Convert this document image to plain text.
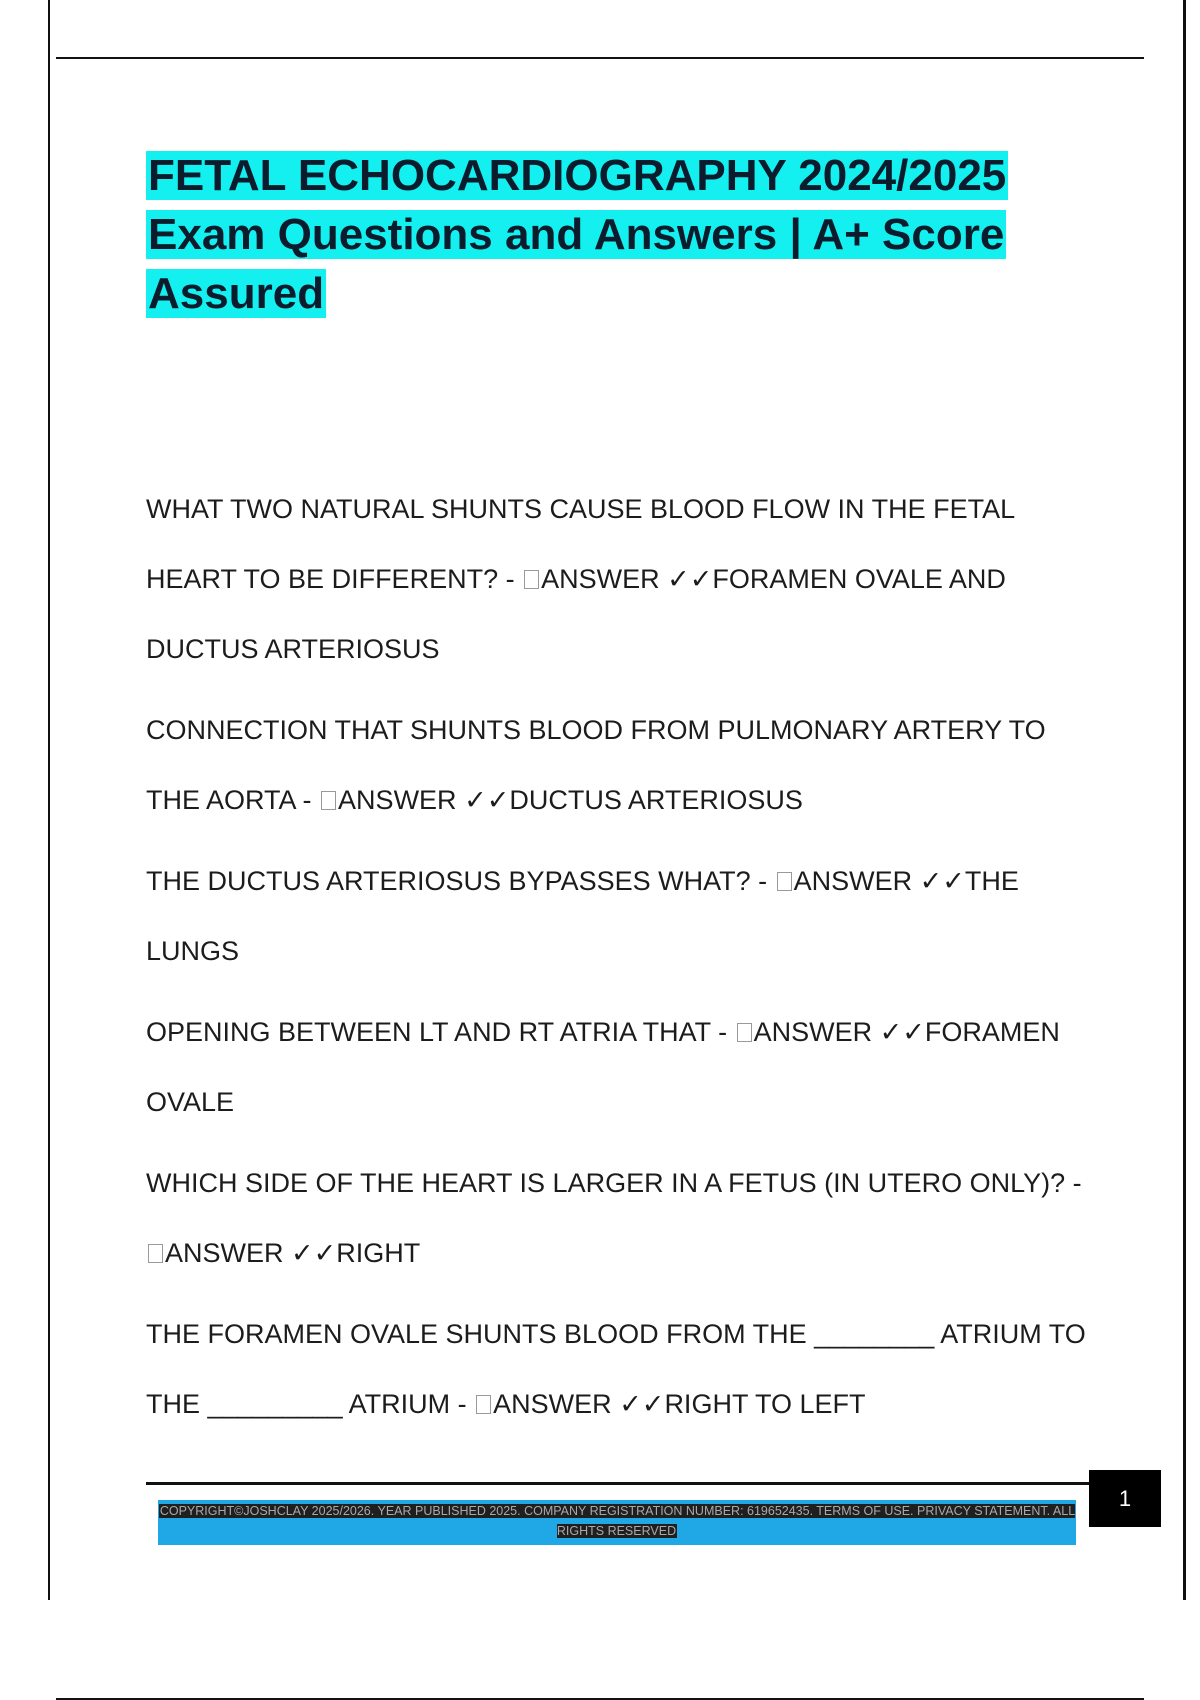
FETAL ECHOCARDIOGRAPHY 2024/2025 Exam Questions and Answers | A+ Score Assured

WHAT TWO NATURAL SHUNTS CAUSE BLOOD FLOW IN THE FETAL HEART TO BE DIFFERENT? - ANSWER ✓✓FORAMEN OVALE AND DUCTUS ARTERIOSUS

CONNECTION THAT SHUNTS BLOOD FROM PULMONARY ARTERY TO THE AORTA - ANSWER ✓✓DUCTUS ARTERIOSUS

THE DUCTUS ARTERIOSUS BYPASSES WHAT? - ANSWER ✓✓THE LUNGS

OPENING BETWEEN LT AND RT ATRIA THAT - ANSWER ✓✓FORAMEN OVALE

WHICH SIDE OF THE HEART IS LARGER IN A FETUS (IN UTERO ONLY)? - ANSWER ✓✓RIGHT

THE FORAMEN OVALE SHUNTS BLOOD FROM THE ________ ATRIUM TO THE _________ ATRIUM - ANSWER ✓✓RIGHT TO LEFT

COPYRIGHT©JOSHCLAY 2025/2026. YEAR PUBLISHED 2025. COMPANY REGISTRATION NUMBER: 619652435. TERMS OF USE. PRIVACY STATEMENT. ALL RIGHTS RESERVED
1
